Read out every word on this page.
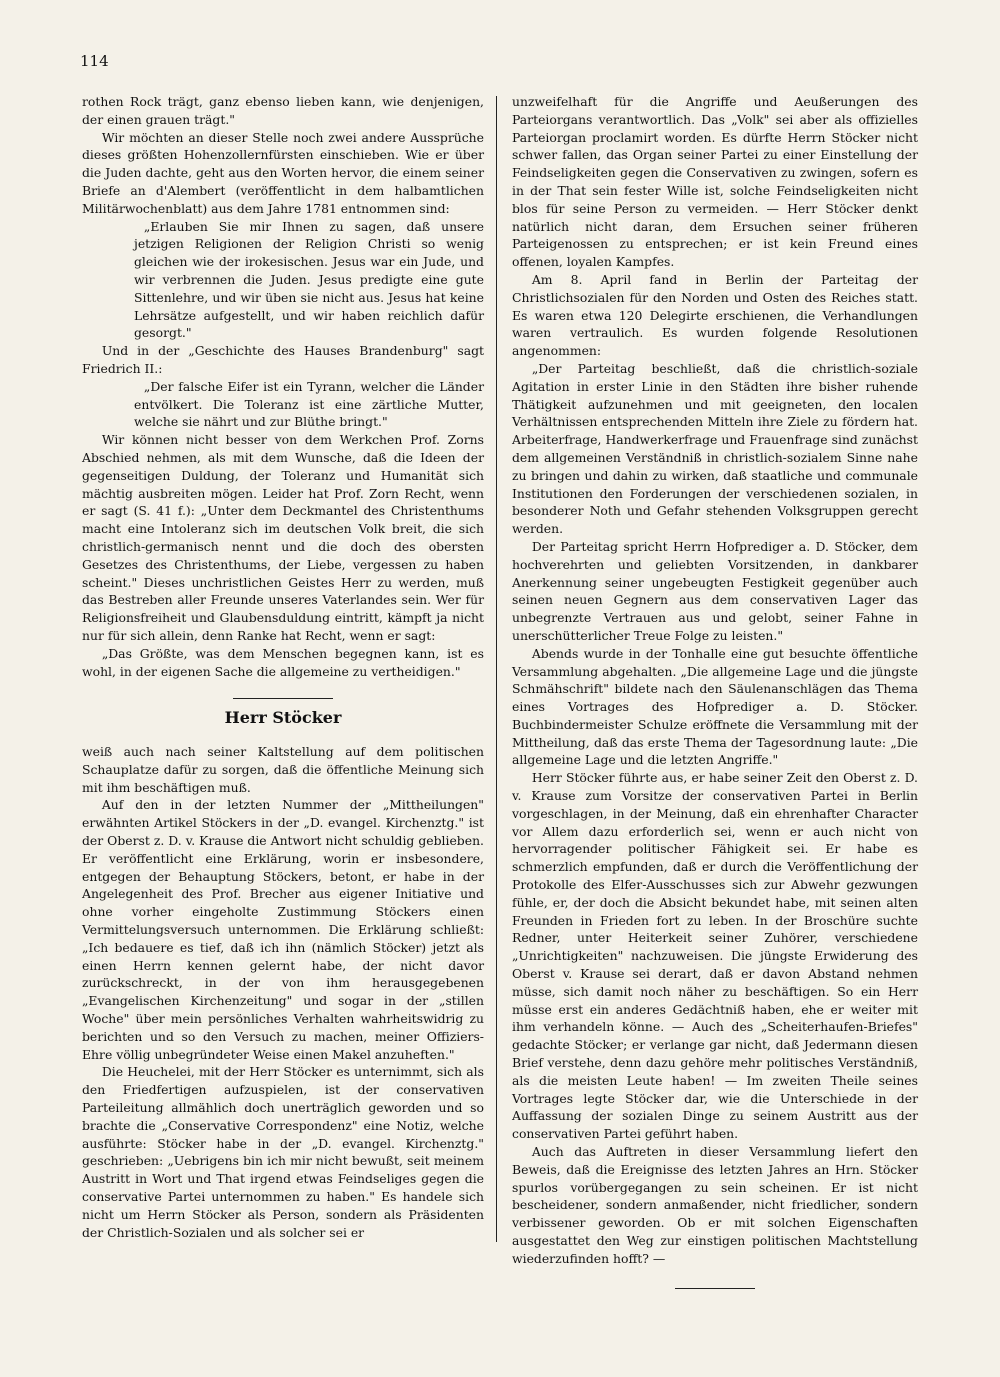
114

rothen Rock trägt, ganz ebenso lieben kann, wie denjenigen, der einen grauen trägt."

Wir möchten an dieser Stelle noch zwei andere Aussprüche dieses größten Hohenzollernfürsten einschieben. Wie er über die Juden dachte, geht aus den Worten hervor, die einem seiner Briefe an d'Alembert (veröffentlicht in dem halbamtlichen Militärwochenblatt) aus dem Jahre 1781 entnommen sind:

„Erlauben Sie mir Ihnen zu sagen, daß unsere jetzigen Religionen der Religion Christi so wenig gleichen wie der irokesischen. Jesus war ein Jude, und wir verbrennen die Juden. Jesus predigte eine gute Sittenlehre, und wir üben sie nicht aus. Jesus hat keine Lehrsätze aufgestellt, und wir haben reichlich dafür gesorgt."

Und in der „Geschichte des Hauses Brandenburg" sagt Friedrich II.:

„Der falsche Eifer ist ein Tyrann, welcher die Länder entvölkert. Die Toleranz ist eine zärtliche Mutter, welche sie nährt und zur Blüthe bringt."

Wir können nicht besser von dem Werkchen Prof. Zorns Abschied nehmen, als mit dem Wunsche, daß die Ideen der gegenseitigen Duldung, der Toleranz und Humanität sich mächtig ausbreiten mögen. Leider hat Prof. Zorn Recht, wenn er sagt (S. 41 f.): „Unter dem Deckmantel des Christenthums macht eine Intoleranz sich im deutschen Volk breit, die sich christlich-germanisch nennt und die doch des obersten Gesetzes des Christenthums, der Liebe, vergessen zu haben scheint." Dieses unchristlichen Geistes Herr zu werden, muß das Bestreben aller Freunde unseres Vaterlandes sein. Wer für Religionsfreiheit und Glaubensduldung eintritt, kämpft ja nicht nur für sich allein, denn Ranke hat Recht, wenn er sagt:

„Das Größte, was dem Menschen begegnen kann, ist es wohl, in der eigenen Sache die allgemeine zu vertheidigen."

Herr Stöcker

weiß auch nach seiner Kaltstellung auf dem politischen Schauplatze dafür zu sorgen, daß die öffentliche Meinung sich mit ihm beschäftigen muß.

Auf den in der letzten Nummer der „Mittheilungen" erwähnten Artikel Stöckers in der „D. evangel. Kirchenztg." ist der Oberst z. D. v. Krause die Antwort nicht schuldig geblieben. Er veröffentlicht eine Erklärung, worin er insbesondere, entgegen der Behauptung Stöckers, betont, er habe in der Angelegenheit des Prof. Brecher aus eigener Initiative und ohne vorher eingeholte Zustimmung Stöckers einen Vermittelungsversuch unternommen. Die Erklärung schließt: „Ich bedauere es tief, daß ich ihn (nämlich Stöcker) jetzt als einen Herrn kennen gelernt habe, der nicht davor zurückschreckt, in der von ihm herausgegebenen „Evangelischen Kirchenzeitung" und sogar in der „stillen Woche" über mein persönliches Verhalten wahrheitswidrig zu berichten und so den Versuch zu machen, meiner Offiziers-Ehre völlig unbegründeter Weise einen Makel anzuheften."

Die Heuchelei, mit der Herr Stöcker es unternimmt, sich als den Friedfertigen aufzuspielen, ist der conservativen Parteileitung allmählich doch unerträglich geworden und so brachte die „Conservative Correspondenz" eine Notiz, welche ausführte: Stöcker habe in der „D. evangel. Kirchenztg." geschrieben: „Uebrigens bin ich mir nicht bewußt, seit meinem Austritt in Wort und That irgend etwas Feindseliges gegen die conservative Partei unternommen zu haben." Es handele sich nicht um Herrn Stöcker als Person, sondern als Präsidenten der Christlich-Sozialen und als solcher sei er

unzweifelhaft für die Angriffe und Aeußerungen des Parteiorgans verantwortlich. Das „Volk" sei aber als offizielles Parteiorgan proclamirt worden. Es dürfte Herrn Stöcker nicht schwer fallen, das Organ seiner Partei zu einer Einstellung der Feindseligkeiten gegen die Conservativen zu zwingen, sofern es in der That sein fester Wille ist, solche Feindseligkeiten nicht blos für seine Person zu vermeiden. — Herr Stöcker denkt natürlich nicht daran, dem Ersuchen seiner früheren Parteigenossen zu entsprechen; er ist kein Freund eines offenen, loyalen Kampfes.

Am 8. April fand in Berlin der Parteitag der Christlichsozialen für den Norden und Osten des Reiches statt. Es waren etwa 120 Delegirte erschienen, die Verhandlungen waren vertraulich. Es wurden folgende Resolutionen angenommen:

„Der Parteitag beschließt, daß die christlich-soziale Agitation in erster Linie in den Städten ihre bisher ruhende Thätigkeit aufzunehmen und mit geeigneten, den localen Verhältnissen entsprechenden Mitteln ihre Ziele zu fördern hat. Arbeiterfrage, Handwerkerfrage und Frauenfrage sind zunächst dem allgemeinen Verständniß in christlich-sozialem Sinne nahe zu bringen und dahin zu wirken, daß staatliche und communale Institutionen den Forderungen der verschiedenen sozialen, in besonderer Noth und Gefahr stehenden Volksgruppen gerecht werden.

Der Parteitag spricht Herrn Hofprediger a. D. Stöcker, dem hochverehrten und geliebten Vorsitzenden, in dankbarer Anerkennung seiner ungebeugten Festigkeit gegenüber auch seinen neuen Gegnern aus dem conservativen Lager das unbegrenzte Vertrauen aus und gelobt, seiner Fahne in unerschütterlicher Treue Folge zu leisten."

Abends wurde in der Tonhalle eine gut besuchte öffentliche Versammlung abgehalten. „Die allgemeine Lage und die jüngste Schmähschrift" bildete nach den Säulenanschlägen das Thema eines Vortrages des Hofprediger a. D. Stöcker. Buchbindermeister Schulze eröffnete die Versammlung mit der Mittheilung, daß das erste Thema der Tagesordnung laute: „Die allgemeine Lage und die letzten Angriffe."

Herr Stöcker führte aus, er habe seiner Zeit den Oberst z. D. v. Krause zum Vorsitze der conservativen Partei in Berlin vorgeschlagen, in der Meinung, daß ein ehrenhafter Character vor Allem dazu erforderlich sei, wenn er auch nicht von hervorragender politischer Fähigkeit sei. Er habe es schmerzlich empfunden, daß er durch die Veröffentlichung der Protokolle des Elfer-Ausschusses sich zur Abwehr gezwungen fühle, er, der doch die Absicht bekundet habe, mit seinen alten Freunden in Frieden fort zu leben. In der Broschüre suchte Redner, unter Heiterkeit seiner Zuhörer, verschiedene „Unrichtigkeiten" nachzuweisen. Die jüngste Erwiderung des Oberst v. Krause sei derart, daß er davon Abstand nehmen müsse, sich damit noch näher zu beschäftigen. So ein Herr müsse erst ein anderes Gedächtniß haben, ehe er weiter mit ihm verhandeln könne. — Auch des „Scheiterhaufen-Briefes" gedachte Stöcker; er verlange gar nicht, daß Jedermann diesen Brief verstehe, denn dazu gehöre mehr politisches Verständniß, als die meisten Leute haben! — Im zweiten Theile seines Vortrages legte Stöcker dar, wie die Unterschiede in der Auffassung der sozialen Dinge zu seinem Austritt aus der conservativen Partei geführt haben.

Auch das Auftreten in dieser Versammlung liefert den Beweis, daß die Ereignisse des letzten Jahres an Hrn. Stöcker spurlos vorübergegangen zu sein scheinen. Er ist nicht bescheidener, sondern anmaßender, nicht friedlicher, sondern verbissener geworden. Ob er mit solchen Eigenschaften ausgestattet den Weg zur einstigen politischen Machtstellung wiederzufinden hofft? —
